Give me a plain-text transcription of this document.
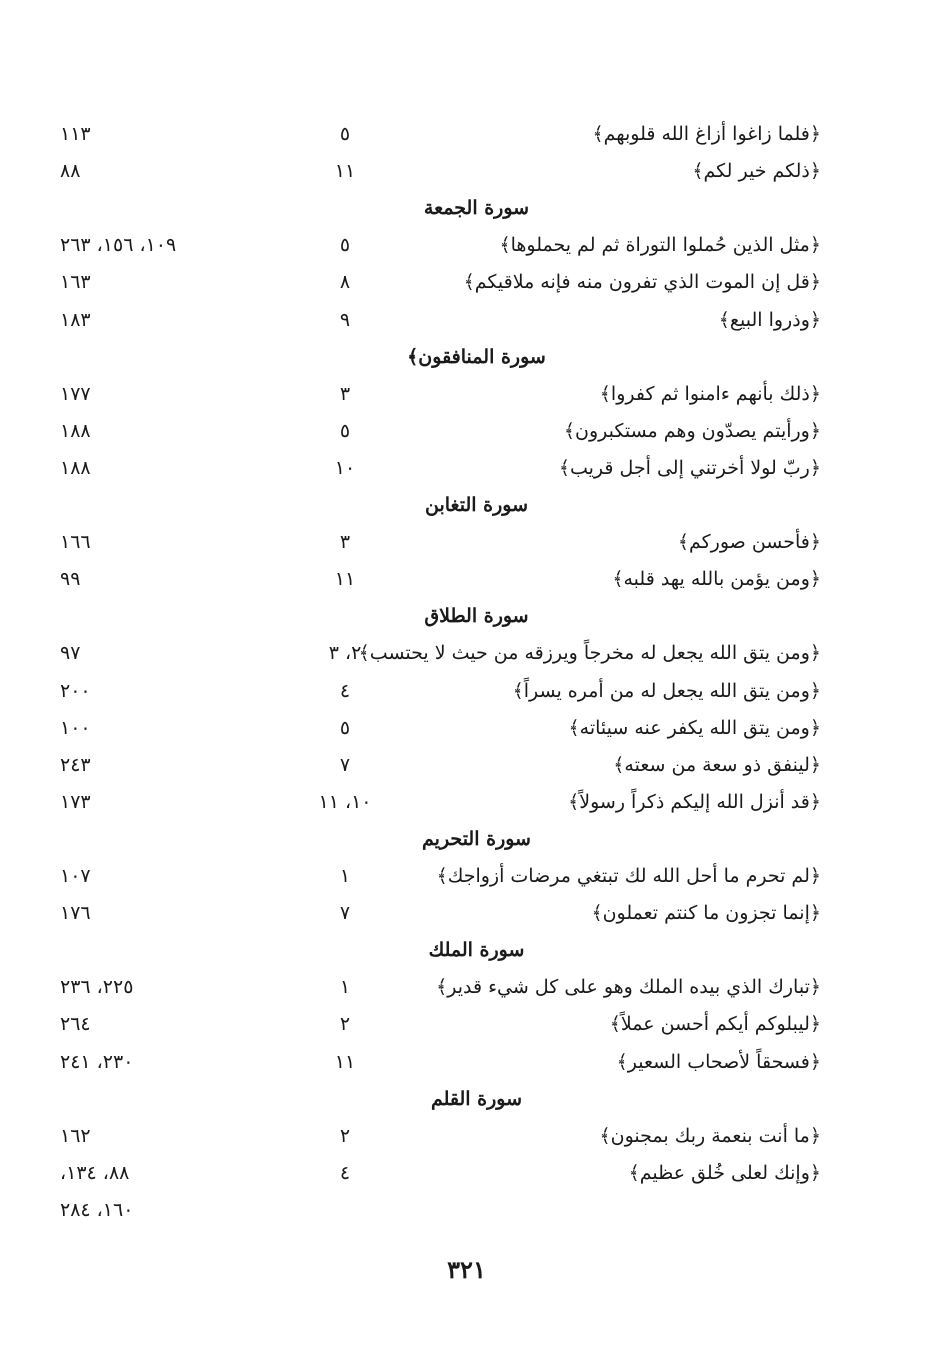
﴿فلما زاغوا أزاغ الله قلوبهم﴾
٥
١١٣
﴿ذلكم خير لكم﴾
١١
٨٨
سورة الجمعة
﴿مثل الذين حُملوا التوراة ثم لم يحملوها﴾
٥
١٠٩، ١٥٦، ٢٦٣
﴿قل إن الموت الذي تفرون منه فإنه ملاقيكم﴾
٨
١٦٣
﴿وذروا البيع﴾
٩
١٨٣
سورة المنافقون﴾
﴿ذلك بأنهم ءامنوا ثم كفروا﴾
٣
١٧٧
﴿ورأيتم يصدّون وهم مستكبرون﴾
٥
١٨٨
﴿ربّ لولا أخرتني إلى أجل قريب﴾
١٠
١٨٨
سورة التغابن
﴿فأحسن صوركم﴾
٣
١٦٦
﴿ومن يؤمن بالله يهد قلبه﴾
١١
٩٩
سورة الطلاق
﴿ومن يتق الله يجعل له مخرجاً ويرزقه من حيث لا يحتسب﴾
٢، ٣
٩٧
﴿ومن يتق الله يجعل له من أمره يسراً﴾
٤
٢٠٠
﴿ومن يتق الله يكفر عنه سيئاته﴾
٥
١٠٠
﴿لينفق ذو سعة من سعته﴾
٧
٢٤٣
﴿قد أنزل الله إليكم ذكراً رسولاً﴾
١٠، ١١
١٧٣
سورة التحريم
﴿لم تحرم ما أحل الله لك تبتغي مرضات أزواجك﴾
١
١٠٧
﴿إنما تجزون ما كنتم تعملون﴾
٧
١٧٦
سورة الملك
﴿تبارك الذي بيده الملك وهو على كل شيء قدير﴾
١
٢٢٥، ٢٣٦
﴿ليبلوكم أيكم أحسن عملاً﴾
٢
٢٦٤
﴿فسحقاً لأصحاب السعير﴾
١١
٢٣٠، ٢٤١
سورة القلم
﴿ما أنت بنعمة ربك بمجنون﴾
٢
١٦٢
﴿وإنك لعلى خُلق عظيم﴾
٤
٨٨، ١٣٤،
١٦٠، ٢٨٤
٣٢١
